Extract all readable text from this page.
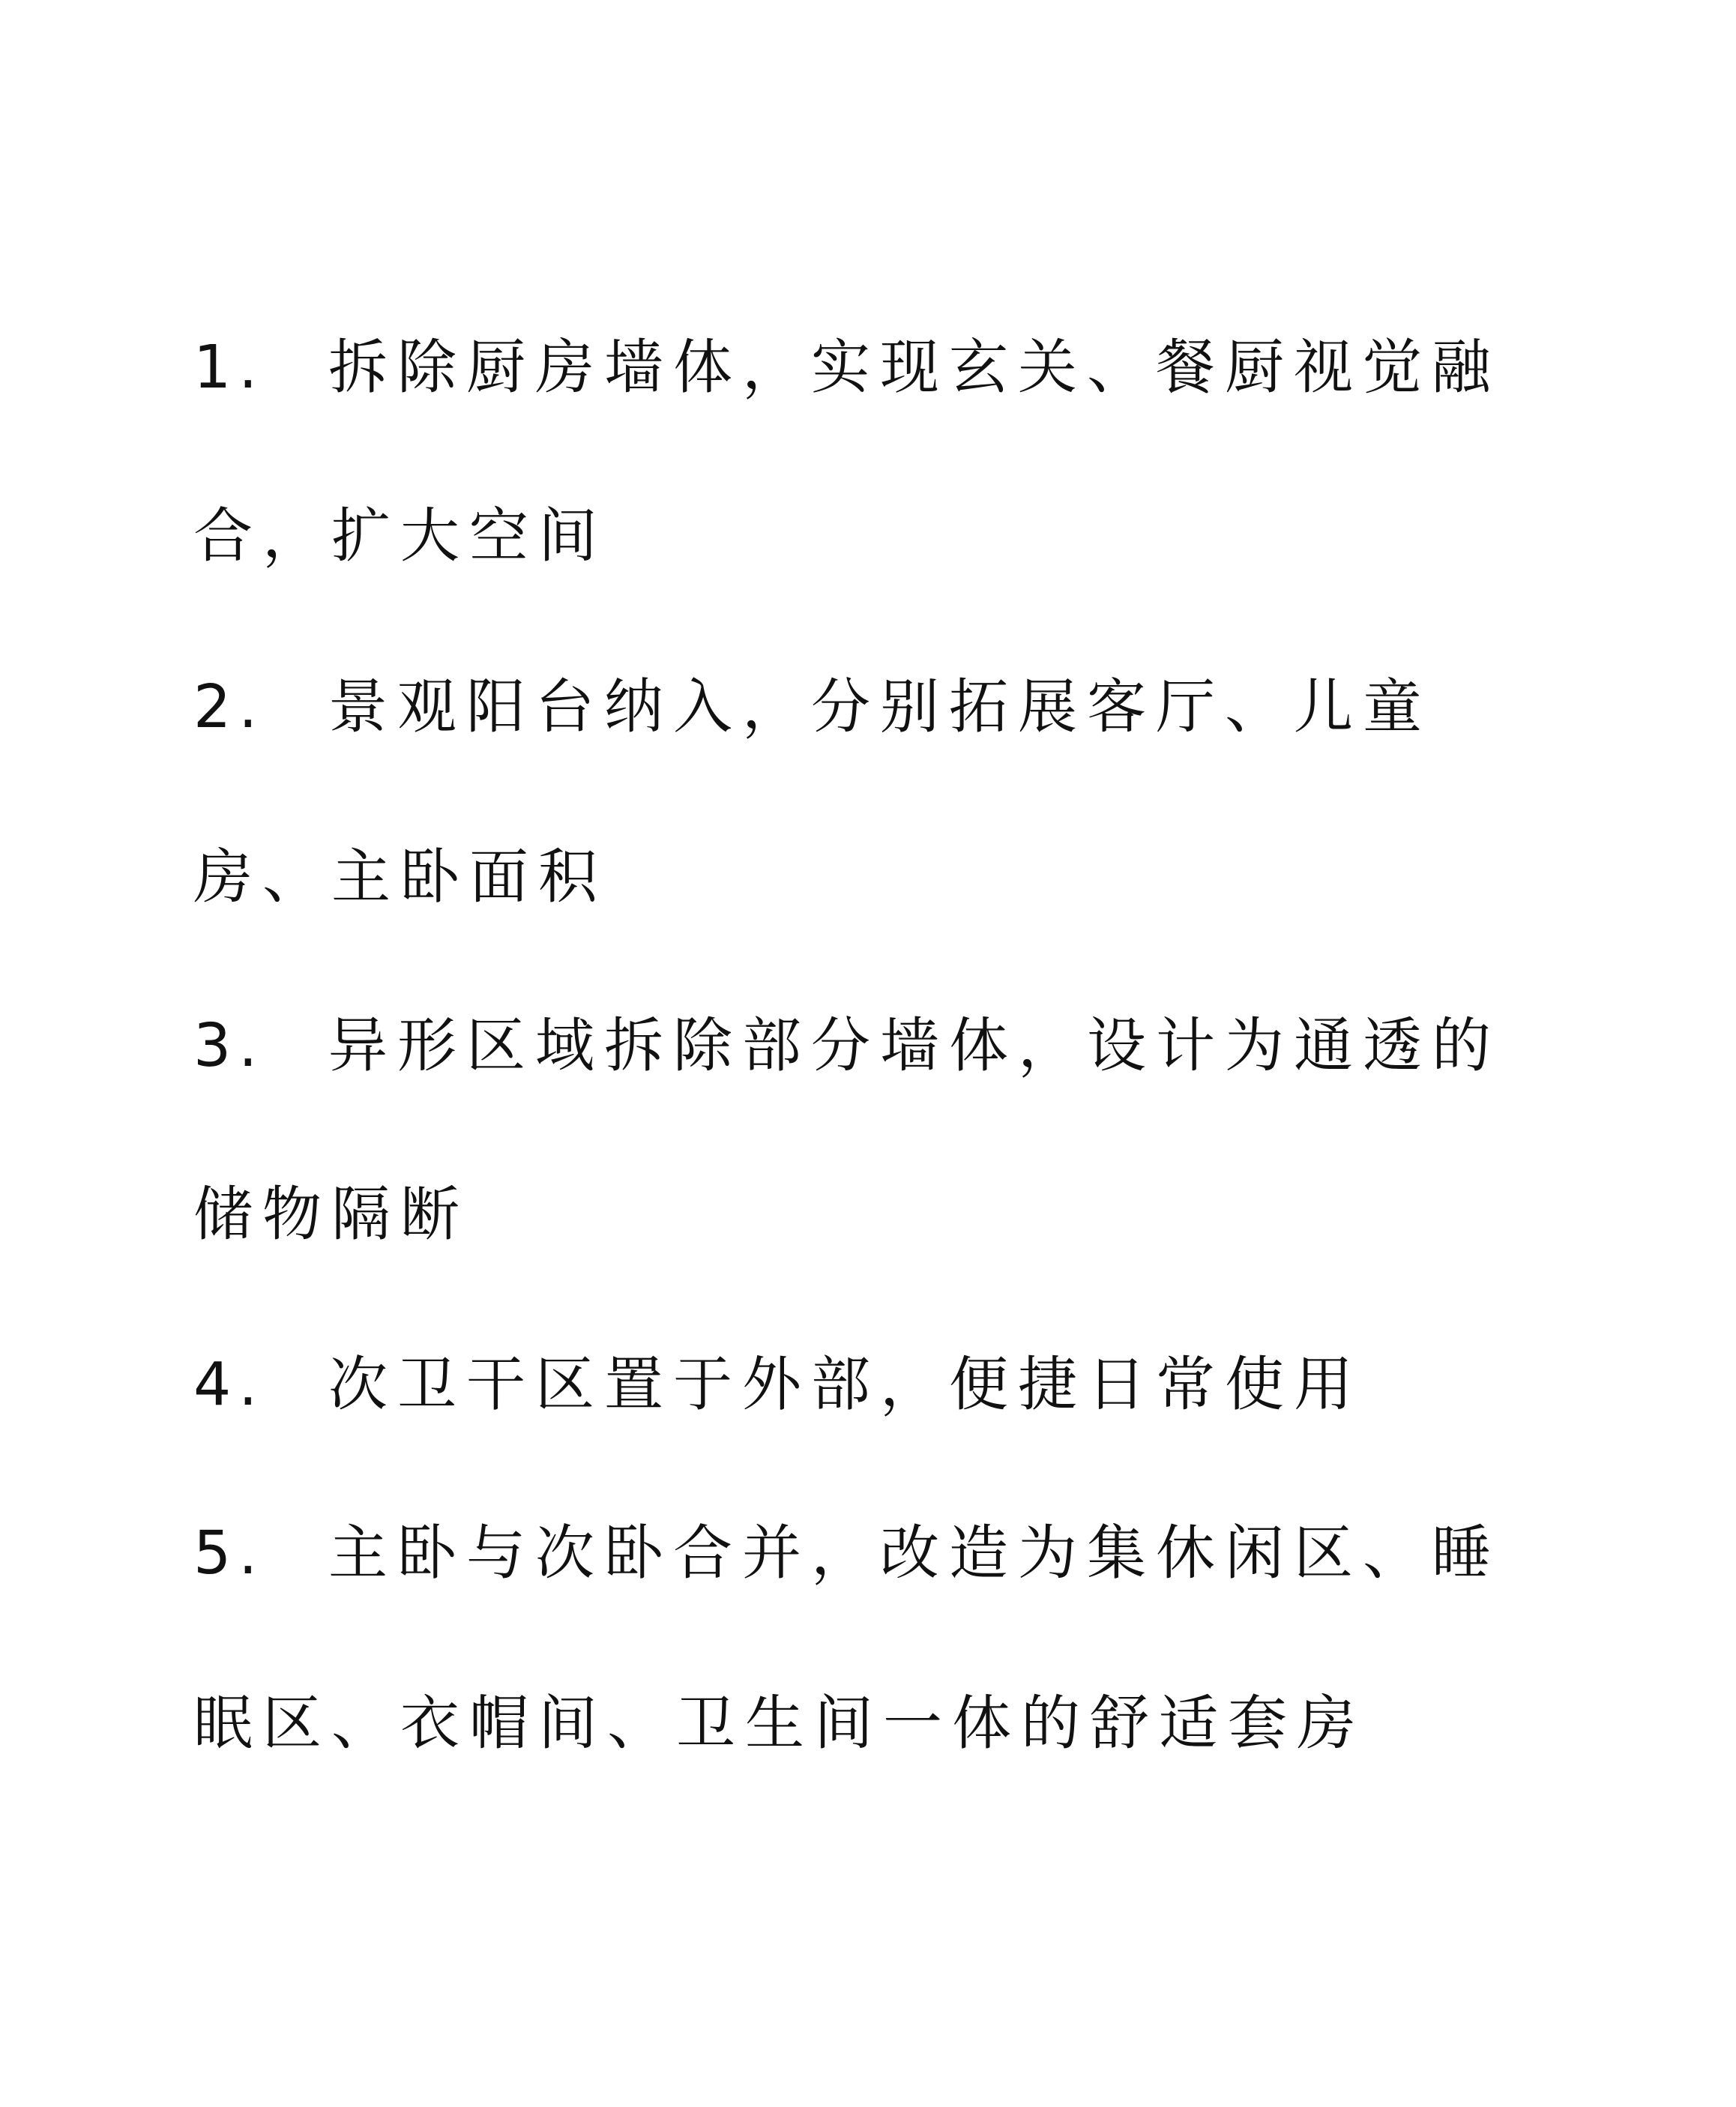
1. 拆除厨房墙体，实现玄关、餐厨视觉融
合，扩大空间
2. 景观阳台纳入，分别拓展客厅、儿童
房、主卧面积
3. 异形区域拆除部分墙体，设计为通透的
储物隔断
4. 次卫干区置于外部，便捷日常使用
5. 主卧与次卧合并，改造为集休闲区、睡
眠区、衣帽间、卫生间一体的舒适套房
